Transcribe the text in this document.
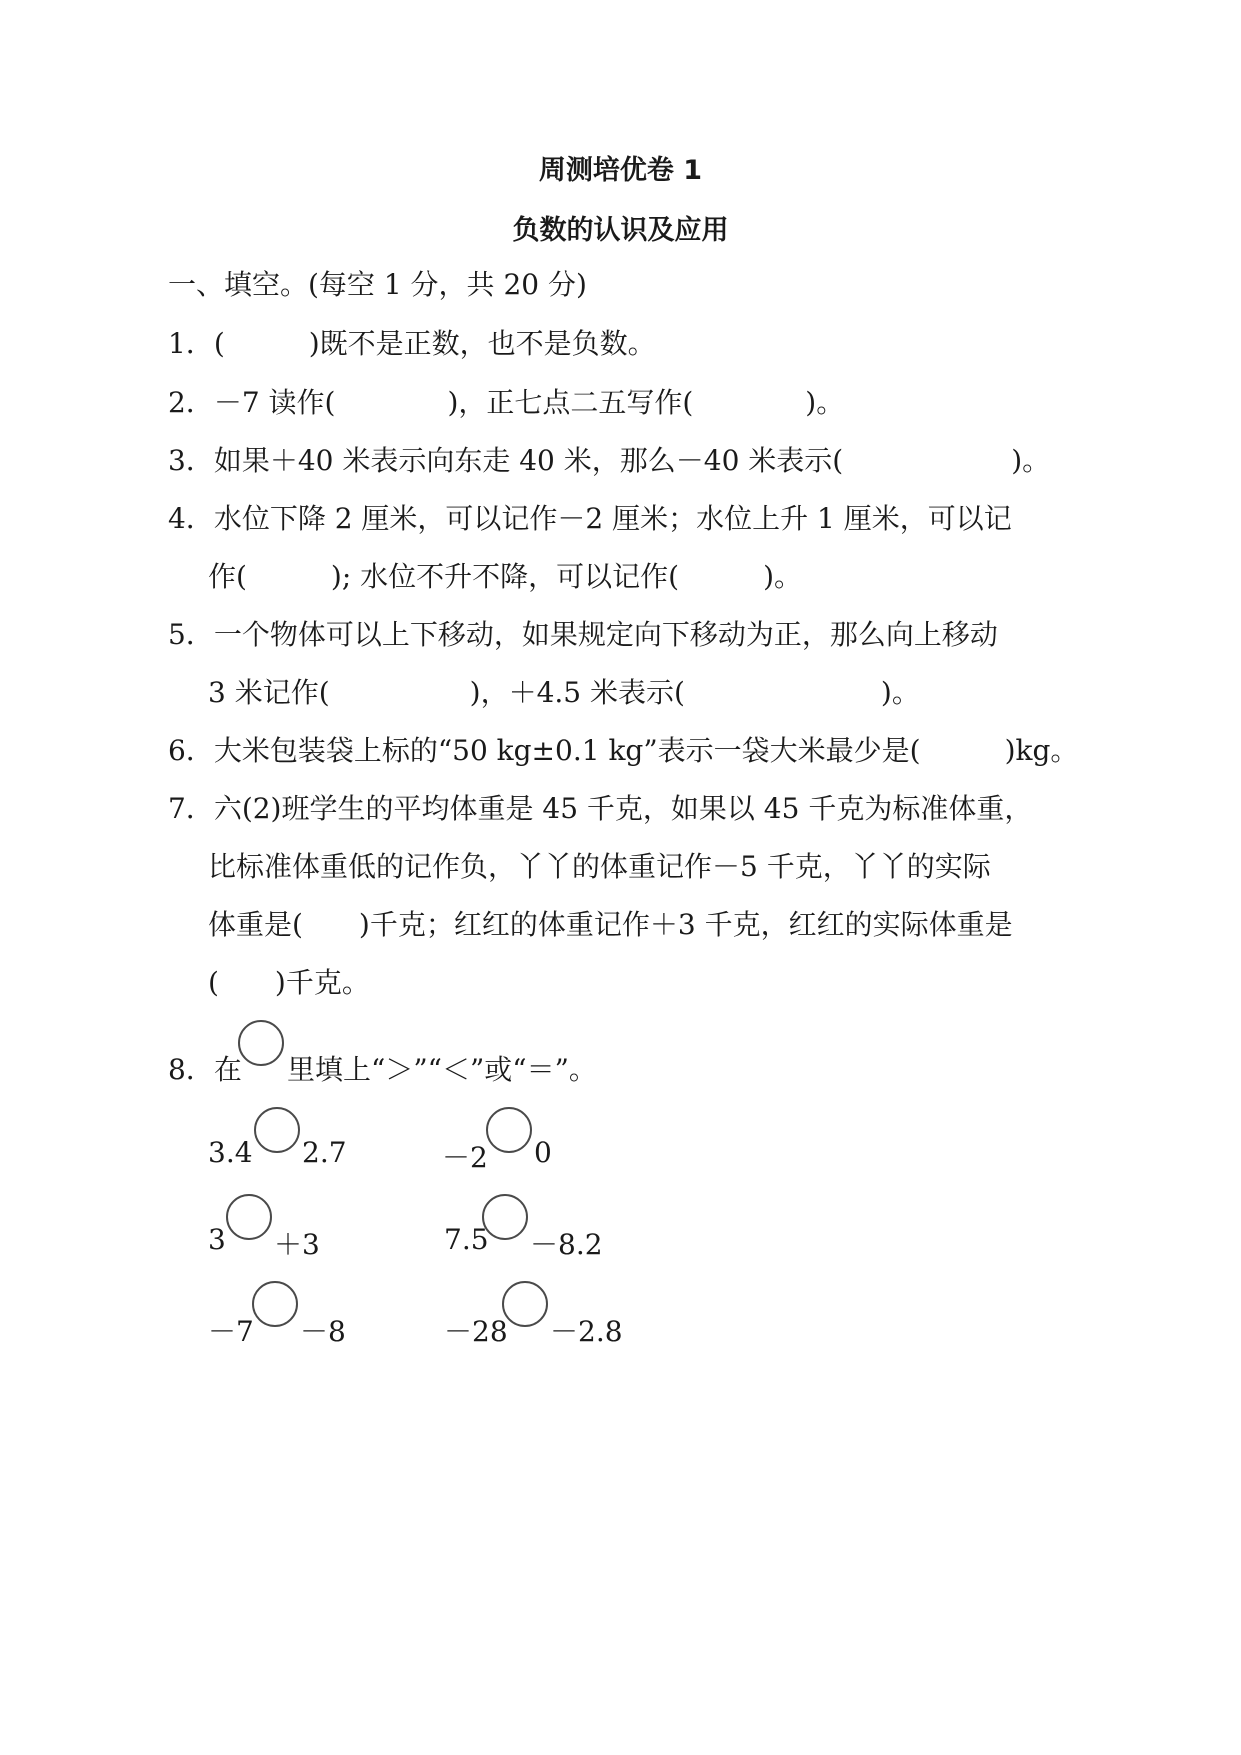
周测培优卷 1
负数的认识及应用
一、填空。(每空 1 分，共 20 分)
1．(　　　)既不是正数，也不是负数。
2．－7 读作(　　　　)，正七点二五写作(　　　　)。
3．如果＋40 米表示向东走 40 米，那么－40 米表示(　　　　　　)。
4．水位下降 2 厘米，可以记作－2 厘米；水位上升 1 厘米，可以记
作(　　　); 水位不升不降，可以记作(　　　)。
5．一个物体可以上下移动，如果规定向下移动为正，那么向上移动
3 米记作(　　　　　)，＋4.5 米表示(　　　　　　　)。
6．大米包装袋上标的“50 kg±0.1 kg”表示一袋大米最少是(　　　)kg。
7．六(2)班学生的平均体重是 45 千克，如果以 45 千克为标准体重，
比标准体重低的记作负，丫丫的体重记作－5 千克，丫丫的实际
体重是(　　)千克；红红的体重记作＋3 千克，红红的实际体重是
(　　)千克。
8．在 里填上“＞”“＜”或“＝”。
3.4 2.7	－2 0
3 ＋3	7.5 －8.2
－7 －8	－28 －2.8
